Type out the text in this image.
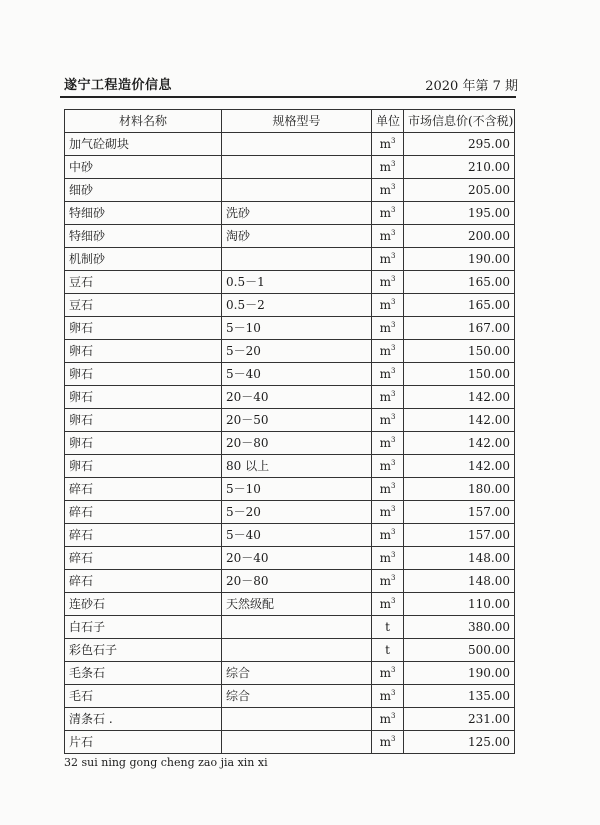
遂宁工程造价信息	2020 年第 7 期
材料名称	规格型号	单位	市场信息价(不含税)
加气砼砌块		$m^3$	295.00
中砂		$m^3$	210.00
细砂		$m^3$	205.00
特细砂	洗砂	$m^3$	195.00
特细砂	淘砂	$m^3$	200.00
机制砂		$m^3$	190.00
豆石	0.5－1	$m^3$	165.00
豆石	0.5－2	$m^3$	165.00
卵石	5－10	$m^3$	167.00
卵石	5－20	$m^3$	150.00
卵石	5－40	$m^3$	150.00
卵石	20－40	$m^3$	142.00
卵石	20－50	$m^3$	142.00
卵石	20－80	$m^3$	142.00
卵石	80 以上	$m^3$	142.00
碎石	5－10	$m^3$	180.00
碎石	5－20	$m^3$	157.00
碎石	5－40	$m^3$	157.00
碎石	20－40	$m^3$	148.00
碎石	20－80	$m^3$	148.00
连砂石	天然级配	$m^3$	110.00
白石子		t	380.00
彩色石子		t	500.00
毛条石	综合	$m^3$	190.00
毛石	综合	$m^3$	135.00
清条石 .		$m^3$	231.00
片石		$m^3$	125.00
32 sui ning gong cheng zao jia xin xi
